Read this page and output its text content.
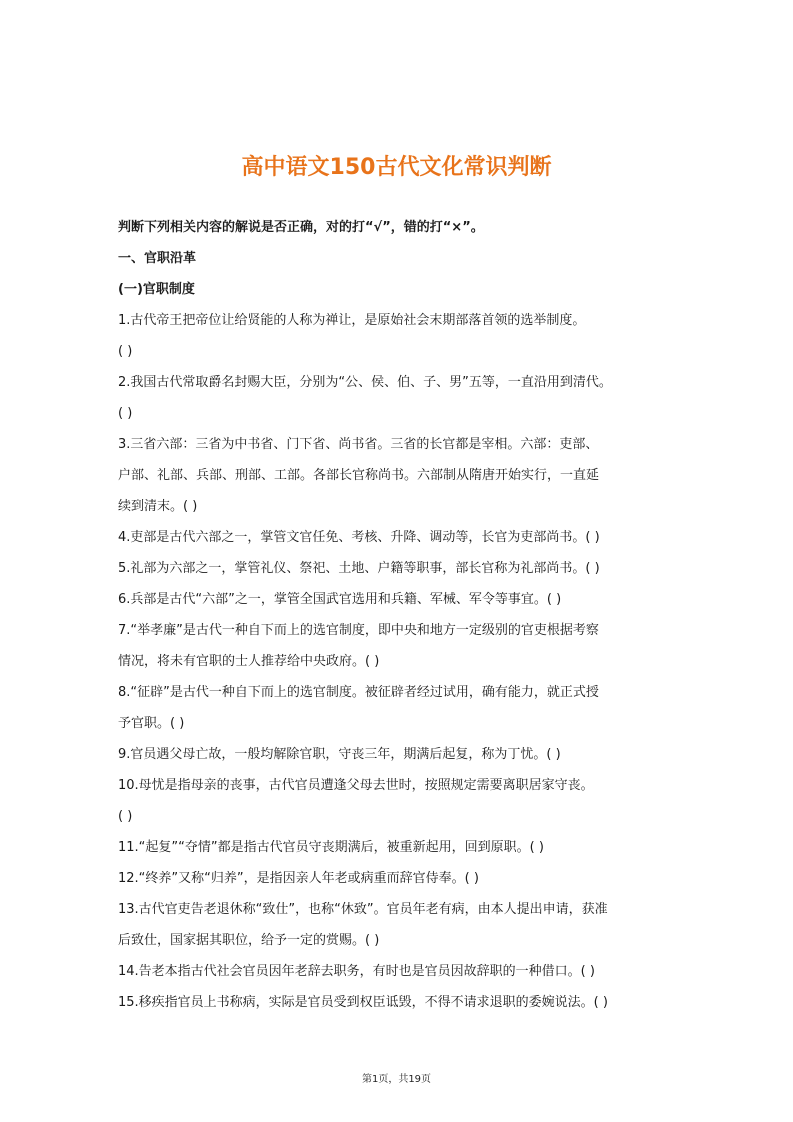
高中语文150古代文化常识判断
判断下列相关内容的解说是否正确，对的打“√”，错的打“×”。
一、官职沿革
(一)官职制度
1.古代帝王把帝位让给贤能的人称为禅让，是原始社会末期部落首领的选举制度。
( )
2.我国古代常取爵名封赐大臣，分别为“公、侯、伯、子、男”五等，一直沿用到清代。
( )
3.三省六部：三省为中书省、门下省、尚书省。三省的长官都是宰相。六部：吏部、
户部、礼部、兵部、刑部、工部。各部长官称尚书。六部制从隋唐开始实行，一直延
续到清末。( )
4.吏部是古代六部之一，掌管文官任免、考核、升降、调动等，长官为吏部尚书。( )
5.礼部为六部之一，掌管礼仪、祭祀、土地、户籍等职事，部长官称为礼部尚书。( )
6.兵部是古代“六部”之一，掌管全国武官选用和兵籍、军械、军令等事宜。( )
7.“举孝廉”是古代一种自下而上的选官制度，即中央和地方一定级别的官吏根据考察
情况，将未有官职的士人推荐给中央政府。( )
8.“征辟”是古代一种自下而上的选官制度。被征辟者经过试用，确有能力，就正式授
予官职。( )
9.官员遇父母亡故，一般均解除官职，守丧三年，期满后起复，称为丁忧。( )
10.母忧是指母亲的丧事，古代官员遭逢父母去世时，按照规定需要离职居家守丧。
( )
11.“起复”“夺情”都是指古代官员守丧期满后，被重新起用，回到原职。( )
12.“终养”又称“归养”，是指因亲人年老或病重而辞官侍奉。( )
13.古代官吏告老退休称“致仕”，也称“休致”。官员年老有病，由本人提出申请，获准
后致仕，国家据其职位，给予一定的赏赐。( )
14.告老本指古代社会官员因年老辞去职务，有时也是官员因故辞职的一种借口。( )
15.移疾指官员上书称病，实际是官员受到权臣诋毁，不得不请求退职的委婉说法。( )
第1页，共19页
